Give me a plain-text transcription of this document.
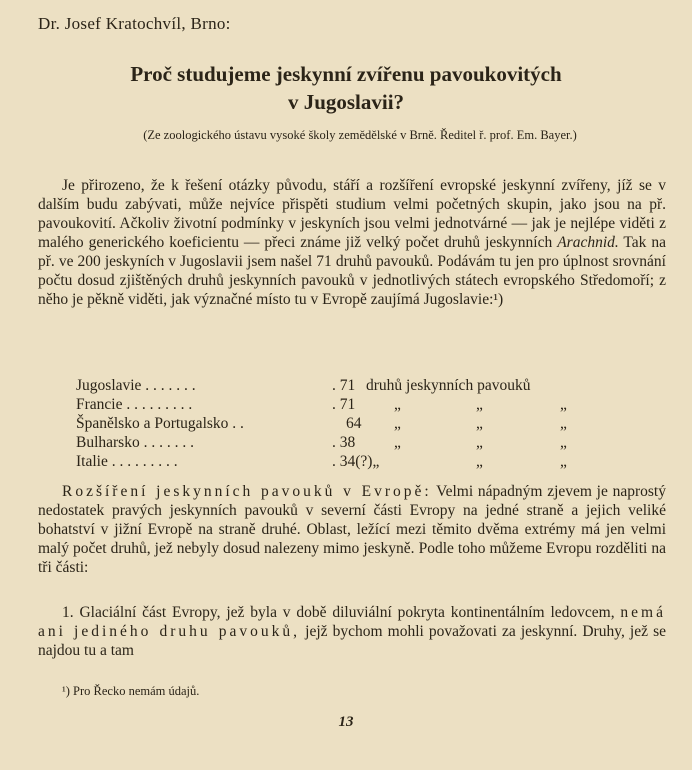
Dr. Josef Kratochvíl, Brno:
Proč studujeme jeskynní zvířenu pavoukovitých
v Jugoslavii?
(Ze zoologického ústavu vysoké školy zemědělské v Brně. Ředitel ř. prof. Em. Bayer.)
Je přirozeno, že k řešení otázky původu, stáří a rozšíření evropské jeskynní zvířeny, jíž se v dalším budu zabývati, může nejvíce přispěti studium velmi početných skupin, jako jsou na př. pavoukovití. Ačkoliv životní podmínky v jeskyních jsou velmi jednotvárné — jak je nejlépe viděti z malého generického koeficientu — přeci známe již velký počet druhů jeskynních Arachnid. Tak na př. ve 200 jeskyních v Jugoslavii jsem našel 71 druhů pavouků. Podávám tu jen pro úplnost srovnání počtu dosud zjištěných druhů jeskynních pavouků v jednotlivých státech evropského Středomoří; z něho je pěkně viděti, jak význačné místo tu v Evropě zaujímá Jugoslavie:¹)
Jugoslavie . . . . . . .	. 71 druhů jeskynních pavouků
Francie . . . . . . . . .	. 71	„	„	„
Španělsko a Portugalsko . .	64 „	„	„
Bulharsko . . . . . . .	. 38	„	„	„
Italie . . . . . . . . .	. 34(?)„	„	„
Rozšíření jeskynních pavouků v Evropě: Velmi nápadným zjevem je naprostý nedostatek pravých jeskynních pavouků v severní části Evropy na jedné straně a jejich veliké bohatství v jižní Evropě na straně druhé. Oblast, ležící mezi těmito dvěma extrémy má jen velmi malý počet druhů, jež nebyly dosud nalezeny mimo jeskyně. Podle toho můžeme Evropu rozděliti na tři části:
1. Glaciální část Evropy, jež byla v době diluviální pokryta kontinentálním ledovcem, nemá ani jediného druhu pavouků, jejž bychom mohli považovati za jeskynní. Druhy, jež se najdou tu a tam
¹) Pro Řecko nemám údajů.
13
